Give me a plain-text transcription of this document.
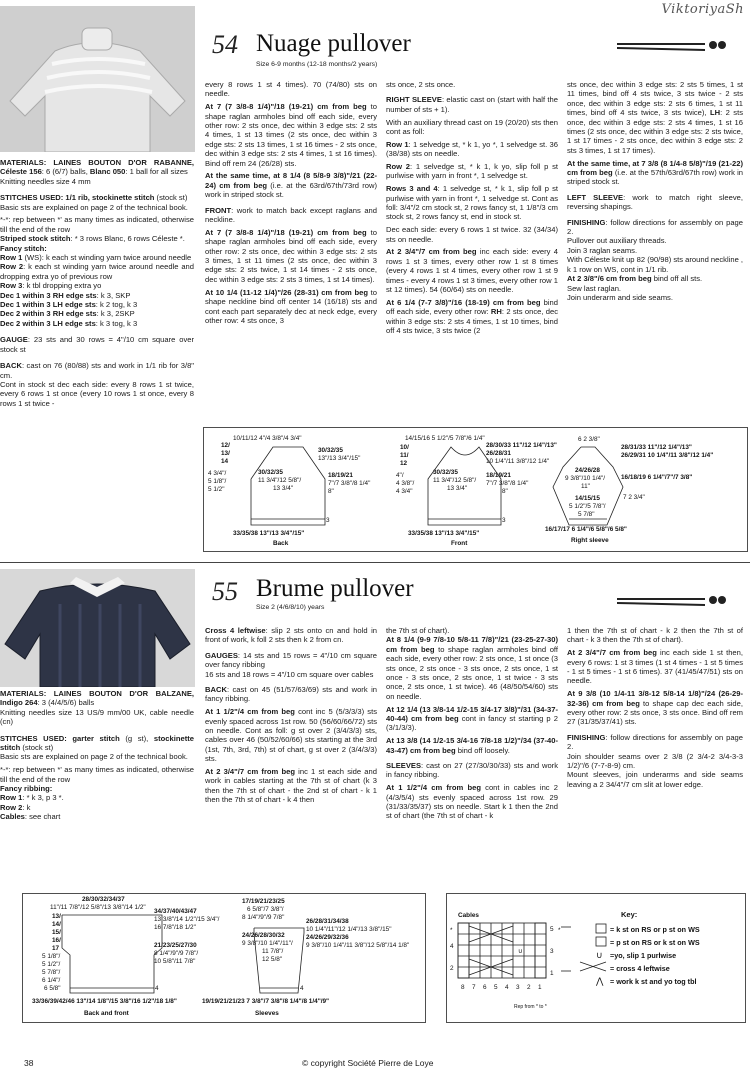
ViktoriyaSh
54 Nuage pullover
Size 6-9 months (12-18 months/2 years)

MATERIALS: LAINES BOUTON D'OR RABANNE, Céleste 156: 6 (6/7) balls, Blanc 050: 1 ball for all sizes
Knitting needles size 4 mm

STITCHES USED: 1/1 rib, stockinette stitch (stock st)
Basic sts are explained on page 2 of the technical book.

*-*: rep between *' as many times as indicated, otherwise till the end of the row
Striped stock stitch: * 3 rows Blanc, 6 rows Céleste *.
Fancy stitch:
Row 1 (WS): k each st winding yarn twice around needle
Row 2: k each st winding yarn twice around needle and dropping extra yo of previous row
Row 3: k tbl dropping extra yo
Dec 1 within 3 RH edge sts: k 3, SKP
Dec 1 within 3 LH edge sts: k 2 tog, k 3
Dec 2 within 3 RH edge sts: k 3, 2SKP
Dec 2 within 3 LH edge sts: k 3 tog, k 3

GAUGE: 23 sts and 30 rows = 4"/10 cm square over stock st

BACK: cast on 76 (80/88) sts and work in 1/1 rib for 3/8" cm.
Cont in stock st dec each side: every 8 rows 1 st twice, every 6 rows 1 st once (every 10 rows 1 st once, every 8 rows 1 st twice -

every 8 rows 1 st 4 times). 70 (74/80) sts on needle.

At 7 (7 3/8-8 1/4)"/18 (19-21) cm from beg to shape raglan armholes bind off each side, every other row: 2 sts once, dec within 3 edge sts: 2 sts 4 times, 1 st 13 times (2 sts once, dec within 3 edge sts: 2 sts 13 times, 1 st 16 times - 2 sts once, dec within 3 edge sts: 2 sts 4 times, 1 st 16 times). Bind off rem 24 (26/28) sts.

At the same time, at 8 1/4 (8 5/8-9 3/8)"/21 (22-24) cm from beg (i.e. at the 63rd/67th/73rd row) work in striped stock st.

FRONT: work to match back except raglans and neckline.

At 7 (7 3/8-8 1/4)"/18 (19-21) cm from beg to shape raglan armholes bind off each side, every other row: 2 sts once, dec within 3 edge sts: 2 sts 3 times, 1 st 11 times (2 sts once, dec within 3 edge sts: 2 sts twice, 1 st 14 times - 2 sts once, dec within 3 edge sts: 2 sts 3 times, 1 st 14 times).

At 10 1/4 (11-12 1/4)"/26 (28-31) cm from beg to shape neckline bind off center 14 (16/18) sts and cont each part separately dec at neck edge, every other row: 4 sts once, 3

sts once, 2 sts once.

RIGHT SLEEVE: elastic cast on (start with half the number of sts + 1).

With an auxiliary thread cast on 19 (20/20) sts then cont as foll:

Row 1: 1 selvedge st, * k 1, yo *, 1 selvedge st. 36 (38/38) sts on needle.

Row 2: 1 selvedge st, * k 1, k yo, slip foll p st purlwise with yarn in front *, 1 selvedge st.

Rows 3 and 4: 1 selvedge st, * k 1, slip foll p st purlwise with yarn in front *, 1 selvedge st. Cont as foll: 3/4"/2 cm stock st, 2 rows fancy st, 1 1/8"/3 cm stock st, 2 rows fancy st, end in stock st.

Dec each side: every 6 rows 1 st twice. 32 (34/34) sts on needle.

At 2 3/4"/7 cm from beg inc each side: every 4 rows 1 st 3 times, every other row 1 st 8 times (every 4 rows 1 st 4 times, every other row 1 st 9 times - every 4 rows 1 st 3 times, every other row 1 st 12 times). 54 (60/64) sts on needle.

At 6 1/4 (7-7 3/8)"/16 (18-19) cm from beg bind off each side, every other row: RH: 2 sts once, dec within 3 edge sts: 2 sts 4 times, 1 st 10 times, bind off 4 sts twice, 3 sts twice (2

sts once, dec within 3 edge sts: 2 sts 5 times, 1 st 11 times, bind off 4 sts twice, 3 sts twice - 2 sts once, dec within 3 edge sts: 2 sts 6 times, 1 st 11 times, bind off 4 sts twice, 3 sts twice), LH: 2 sts once, dec within 3 edge sts: 2 sts 4 times, 1 st 16 times (2 sts once, dec within 3 edge sts: 2 sts twice, 1 st 17 times - 2 sts once, dec within 3 edge sts: 2 sts 3 times, 1 st 17 times).

At the same time, at 7 3/8 (8 1/4-8 5/8)"/19 (21-22) cm from beg (i.e. at the 57th/63rd/67th row) work in striped stock st.

LEFT SLEEVE: work to match right sleeve, reversing shapings.

FINISHING: follow directions for assembly on page 2.
Pullover out auxiliary threads.
Join 3 raglan seams.
With Céleste knit up 82 (90/98) sts around neckline , k 1 row on WS, cont in 1/1 rib.
At 2 3/8"/6 cm from beg bind off all sts.
Sew last raglan.
Join underarm and side seams.

10/11/12 4"/4 3/8"/4 3/4"
12/
13/
14
4 3/4"/
5 1/8"/
5 1/2"
30/32/35
13"/13 3/4"/15"
30/32/35
11 3/4"/12 5/8"/
13 3/4"
18/19/21
7"/7 3/8"/8 1/4"
8"
3
33/35/38 13"/13 3/4"/15"
Back
14/15/16 5 1/2"/5 7/8"/6 1/4"
10/
11/
12
4"/
4 3/8"/
4 3/4"
28/30/33 11"/12 1/4"/13"
26/28/31
10 1/4"/11 3/8"/12 1/4"
30/32/35
11 3/4"/12 5/8"/
13 3/4"
18/19/21
7"/7 3/8"/8 1/4"
8"
3
33/35/38 13"/13 3/4"/15"
Front
6 2 3/8"
28/31/33 11"/12 1/4"/13"
26/29/31 10 1/4"/11 3/8"/12 1/4"
24/26/28
9 3/8"/10 1/4"/
11"
16/18/19 6 1/4"/7"/7 3/8"
14/15/15
5 1/2"/5 7/8"/
5 7/8"
7 2 3/4"
16/17/17 6 1/4"/6 5/8"/6 5/8"
Right sleeve
55 Brume pullover
Size 2 (4/6/8/10) years

MATERIALS: LAINES BOUTON D'OR BALZANE, Indigo 264: 3 (4/4/5/6) balls
Knitting needles size 13 US/9 mm/00 UK, cable needle (cn)

STITCHES USED: garter stitch (g st), stockinette stitch (stock st)
Basic sts are explained on page 2 of the technical book.

*-*: rep between *' as many times as indicated, otherwise till the end of the row
Fancy ribbing:
Row 1: * k 3, p 3 *.
Row 2: k
Cables: see chart

Cross 4 leftwise: slip 2 sts onto cn and hold in front of work, k foll 2 sts then k 2 from cn.

GAUGES: 14 sts and 15 rows = 4"/10 cm square over fancy ribbing
16 sts and 18 rows = 4"/10 cm square over cables

BACK: cast on 45 (51/57/63/69) sts and work in fancy ribbing.

At 1 1/2"/4 cm from beg cont inc 5 (5/3/3/3) sts evenly spaced across 1st row. 50 (56/60/66/72) sts on needle. Cont as foll: g st over 2 (3/4/3/3) sts, cables over 46 (50/52/60/66) sts starting at the 3rd (1st, 7th, 3rd, 7th) st of chart, g st over 2 (3/4/3/3) sts.

At 2 3/4"/7 cm from beg inc 1 st each side and work in cables starting at the 7th st of chart (k 3 then the 7th st of chart - the 2nd st of chart - k 1 then the 7th st of chart - k 4 then

the 7th st of chart).
At 8 1/4 (9-9 7/8-10 5/8-11 7/8)"/21 (23-25-27-30) cm from beg to shape raglan armholes bind off each side, every other row: 2 sts once, 1 st once (3 sts once, 2 sts once - 3 sts once, 2 sts once, 1 st once - 3 sts once, 2 sts once, 1 st twice - 3 sts once, 2 sts once, 1 st twice). 46 (48/50/54/60) sts on needle.

At 12 1/4 (13 3/8-14 1/2-15 3/4-17 3/8)"/31 (34-37-40-44) cm from beg cont in fancy st starting p 2 (3/1/3/3).

At 13 3/8 (14 1/2-15 3/4-16 7/8-18 1/2)"/34 (37-40-43-47) cm from beg bind off loosely.

SLEEVES: cast on 27 (27/30/30/33) sts and work in fancy ribbing.

At 1 1/2"/4 cm from beg cont in cables inc 2 (4/3/5/4) sts evenly spaced across 1st row. 29 (31/33/35/37) sts on needle. Start k 1 then the 2nd st of chart (the 7th st of chart - k

1 then the 7th st of chart - k 2 then the 7th st of chart - k 3 then the 7th st of chart).

At 2 3/4"/7 cm from beg inc each side 1 st then, every 6 rows: 1 st 3 times (1 st 4 times - 1 st 5 times - 1 st 5 times - 1 st 6 times). 37 (41/45/47/51) sts on needle.

At 9 3/8 (10 1/4-11 3/8-12 5/8-14 1/8)"/24 (26-29-32-36) cm from beg to shape cap dec each side, every other row: 2 sts once, 3 sts once. Bind off rem 27 (31/35/37/41) sts.

FINISHING: follow directions for assembly on page 2.
Join shoulder seams over 2 3/8 (2 3/4-2 3/4-3-3 1/2)"/6 (7-7-8-9) cm.
Mount sleeves, join underarms and side seams leaving a 2 34/4"/7 cm slit at lower edge.

28/30/32/34/37
11"/11 7/8"/12 5/8"/13 3/8"/14 1/2"
13/
14/
15/
16/
17
5 1/8"/
5 1/2"/
5 7/8"/
6 1/4"/
6 5/8"
34/37/40/43/47
13 3/8"/14 1/2"/15 3/4"/
16 7/8"/18 1/2"
21/23/25/27/30
8 1/4"/9"/9 7/8"/
10 5/8"/11 7/8"
4
33/36/39/42/46 13"/14 1/8"/15 3/8"/16 1/2"/18 1/8"
Back and front
17/19/21/23/25
6 5/8"/7 3/8"/
8 1/4"/9"/9 7/8"
24/26/28/30/32
9 3/8"/10 1/4"/11"/
11 7/8"/
12 5/8"
26/28/31/34/38
10 1/4"/11"/12 1/4"/13 3/8"/15"
24/26/29/32/36
9 3/8"/10 1/4"/11 3/8"/12 5/8"/14 1/8"
4
19/19/21/21/23 7 3/8"/7 3/8"/8 1/4"/8 1/4"/9"
Sleeves
Cables
∪
4
2
5
3
1
8 7 6 5 4 3 2 1
Rep from * to *
*
*
Key:
= k st on RS or p st on WS
= p st on RS or k st on WS
∪ =yo, slip 1 purlwise
= cross 4 leftwise
⋀ = work k st and yo tog tbl
38	© copyright Société Pierre de Loye
